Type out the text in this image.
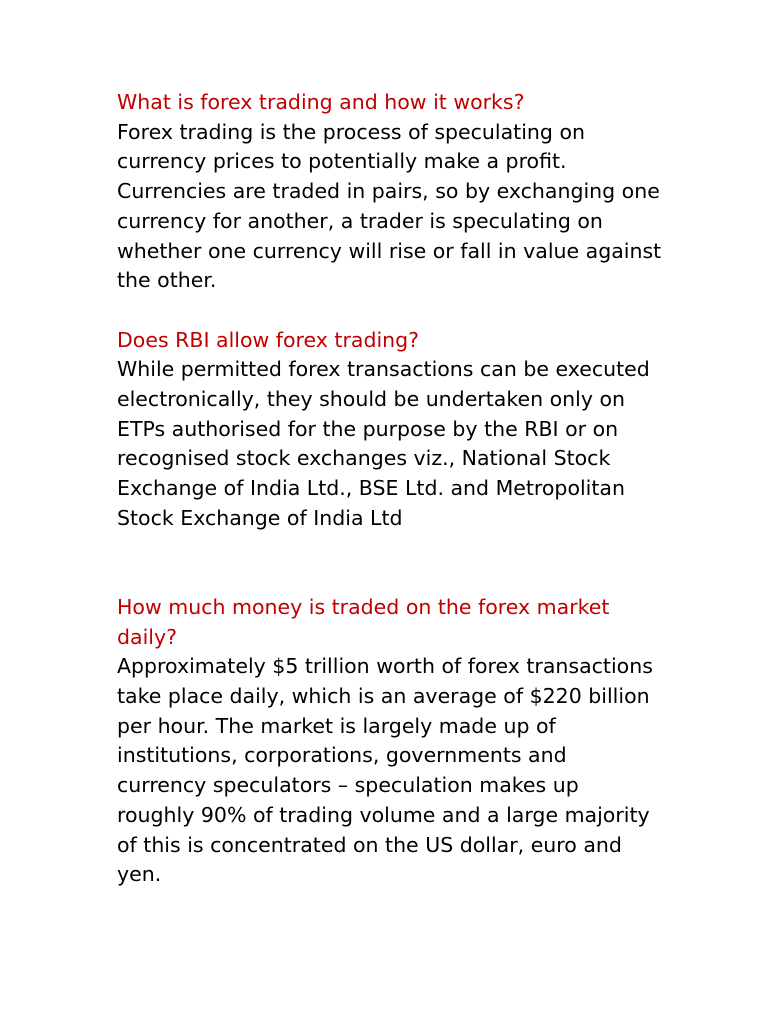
What is forex trading and how it works?

Forex trading is the process of speculating on currency prices to potentially make a profit. Currencies are traded in pairs, so by exchanging one currency for another, a trader is speculating on whether one currency will rise or fall in value against the other.

Does RBI allow forex trading?

While permitted forex transactions can be executed electronically, they should be undertaken only on ETPs authorised for the purpose by the RBI or on recognised stock exchanges viz., National Stock Exchange of India Ltd., BSE Ltd. and Metropolitan Stock Exchange of India Ltd

How much money is traded on the forex market daily?

Approximately $5 trillion worth of forex transactions take place daily, which is an average of $220 billion per hour. The market is largely made up of institutions, corporations, governments and currency speculators – speculation makes up roughly 90% of trading volume and a large majority of this is concentrated on the US dollar, euro and yen.
